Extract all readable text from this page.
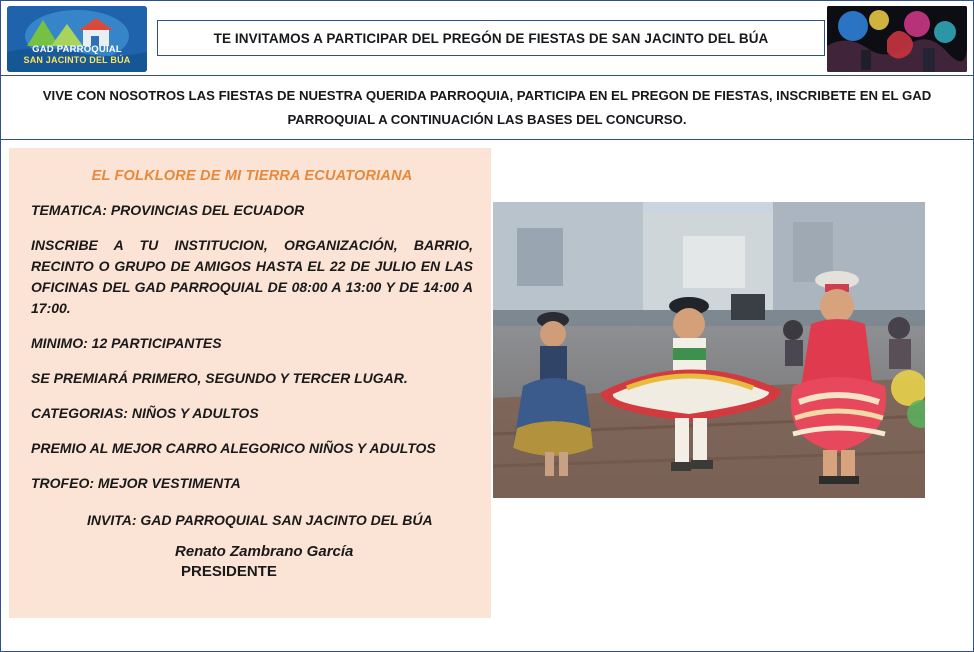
GAD PARROQUIAL
SAN JACINTO DEL BÚA
TE INVITAMOS A PARTICIPAR DEL PREGÓN DE FIESTAS DE SAN JACINTO DEL BÚA

VIVE CON NOSOTROS LAS FIESTAS DE NUESTRA QUERIDA PARROQUIA, PARTICIPA EN EL PREGON DE FIESTAS, INSCRIBETE EN EL GAD PARROQUIAL A CONTINUACIÓN LAS BASES DEL CONCURSO.

EL FOLKLORE DE MI TIERRA ECUATORIANA

TEMATICA: PROVINCIAS DEL ECUADOR

INSCRIBE A TU INSTITUCION, ORGANIZACIÓN, BARRIO, RECINTO O GRUPO DE AMIGOS HASTA EL 22 DE JULIO EN LAS OFICINAS DEL GAD PARROQUIAL DE 08:00 A 13:00 Y DE 14:00 A 17:00.

MINIMO: 12 PARTICIPANTES

SE PREMIARÁ PRIMERO, SEGUNDO Y TERCER LUGAR.

CATEGORIAS: NIÑOS Y ADULTOS

PREMIO AL MEJOR CARRO ALEGORICO NIÑOS Y ADULTOS

TROFEO: MEJOR VESTIMENTA

INVITA: GAD PARROQUIAL SAN JACINTO DEL BÚA

Renato Zambrano García

PRESIDENTE
